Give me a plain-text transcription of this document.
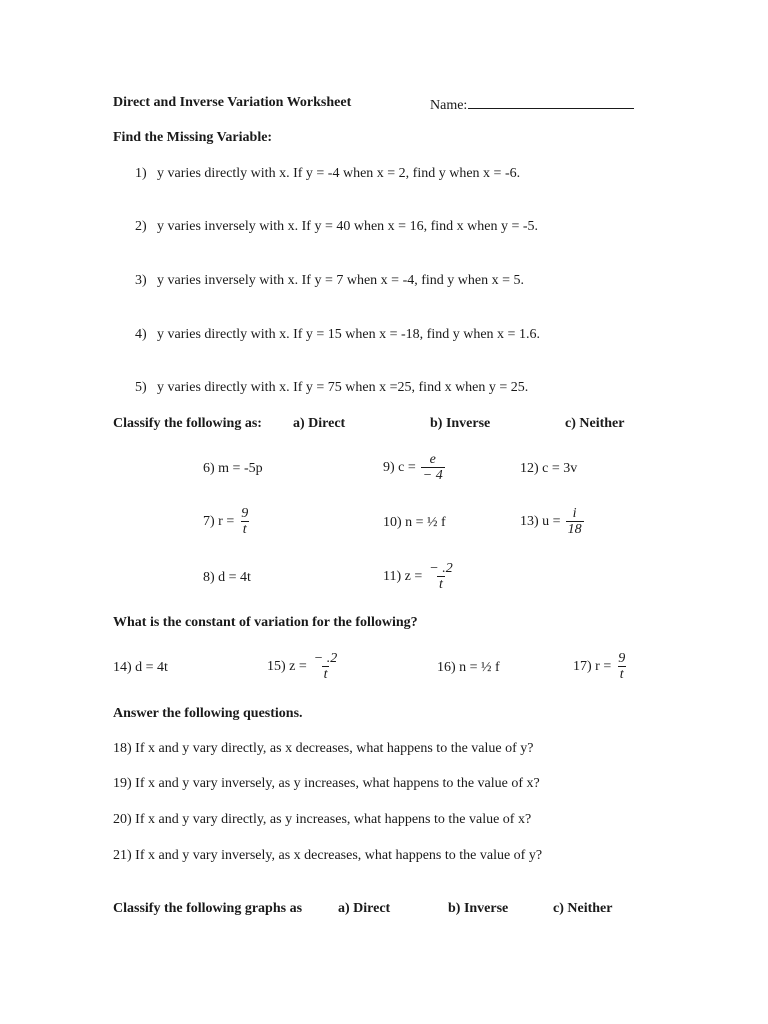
Direct and Inverse Variation Worksheet	Name:
Find the Missing Variable:
1) y varies directly with x. If y = -4 when x = 2, find y when x = -6.
2) y varies inversely with x. If y = 40 when x = 16, find x when y = -5.
3) y varies inversely with x. If y = 7 when x = -4, find y when x = 5.
4) y varies directly with x. If y = 15 when x = -18, find y when x = 1.6.
5) y varies directly with x. If y = 75 when x =25, find x when y = 25.
Classify the following as: a) Direct	b) Inverse	c) Neither
6) m = -5p
7) $r = \frac{9}{t}$
8) d = 4t
9) $c = \frac{e}{- 4}$
10) n = ½ f
11) $z = \frac{- .2}{t}$
12) c = 3v
13) $u = \frac{i}{18}$
What is the constant of variation for the following?
14) d = 4t	15) $z = \frac{- .2}{t}$	16) n = ½ f	17) $r = \frac{9}{t}$
Answer the following questions.
18) If x and y vary directly, as x decreases, what happens to the value of y?
19) If x and y vary inversely, as y increases, what happens to the value of x?
20) If x and y vary directly, as y increases, what happens to the value of x?
21) If x and y vary inversely, as x decreases, what happens to the value of y?
Classify the following graphs as	a) Direct	b) Inverse	c) Neither
